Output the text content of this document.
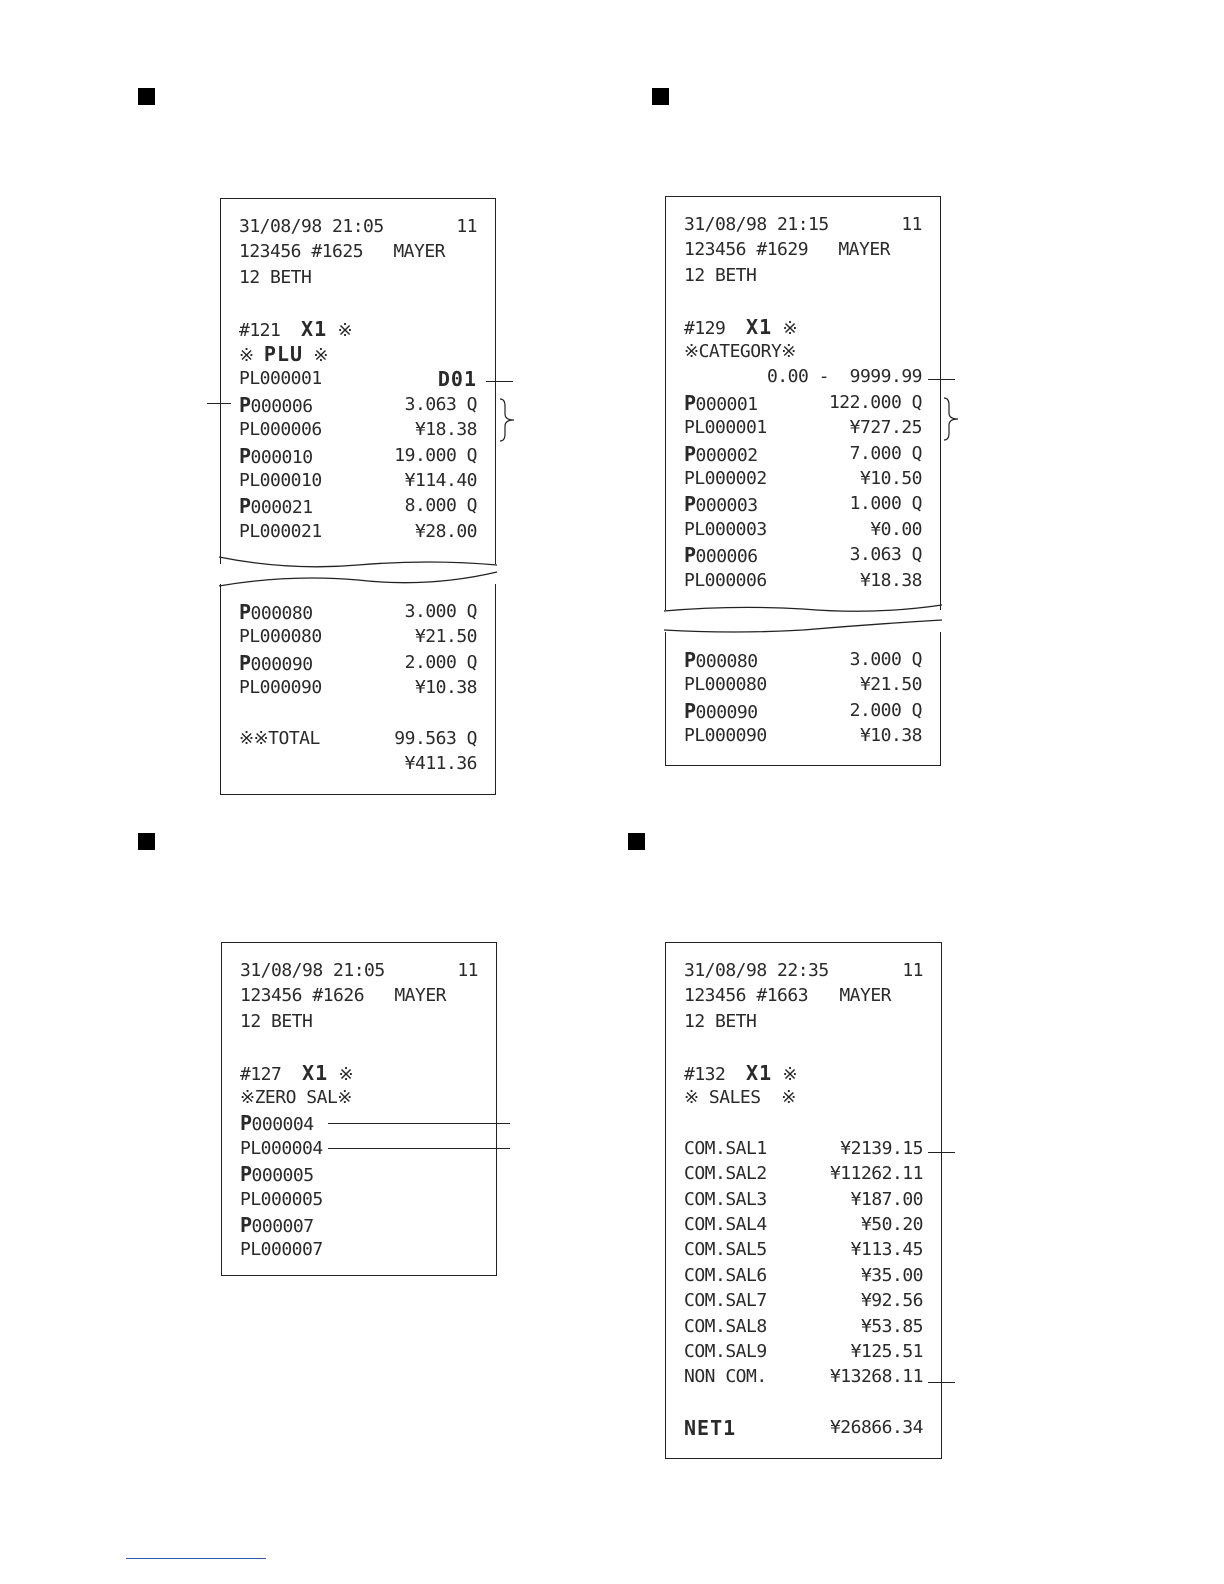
31/08/98 21:05	11
123456 #1625 MAYER
12 BETH
#121  X1 ※
※ PLU ※
PL000001	D01
P000006	3.063 Q
PL000006	¥18.38
P000010	19.000 Q
PL000010	¥114.40
P000021	8.000 Q
PL000021	¥28.00
P000080	3.000 Q
PL000080	¥21.50
P000090	2.000 Q
PL000090	¥10.38
※※TOTAL	99.563 Q
¥411.36
31/08/98 21:15	11
123456 #1629 MAYER
12 BETH
#129  X1 ※
※CATEGORY※
0.00 -  9999.99
P000001	122.000 Q
PL000001	¥727.25
P000002	7.000 Q
PL000002	¥10.50
P000003	1.000 Q
PL000003	¥0.00
P000006	3.063 Q
PL000006	¥18.38
P000080	3.000 Q
PL000080	¥21.50
P000090	2.000 Q
PL000090	¥10.38
31/08/98 21:05	11
123456 #1626 MAYER
12 BETH
#127  X1 ※
※ZERO SAL※
P000004
PL000004
P000005
PL000005
P000007
PL000007
31/08/98 22:35	11
123456 #1663 MAYER
12 BETH
#132  X1 ※
※ SALES  ※
COM.SAL1	¥2139.15
COM.SAL2	¥11262.11
COM.SAL3	¥187.00
COM.SAL4	¥50.20
COM.SAL5	¥113.45
COM.SAL6	¥35.00
COM.SAL7	¥92.56
COM.SAL8	¥53.85
COM.SAL9	¥125.51
NON COM.	¥13268.11
NET1	¥26866.34
